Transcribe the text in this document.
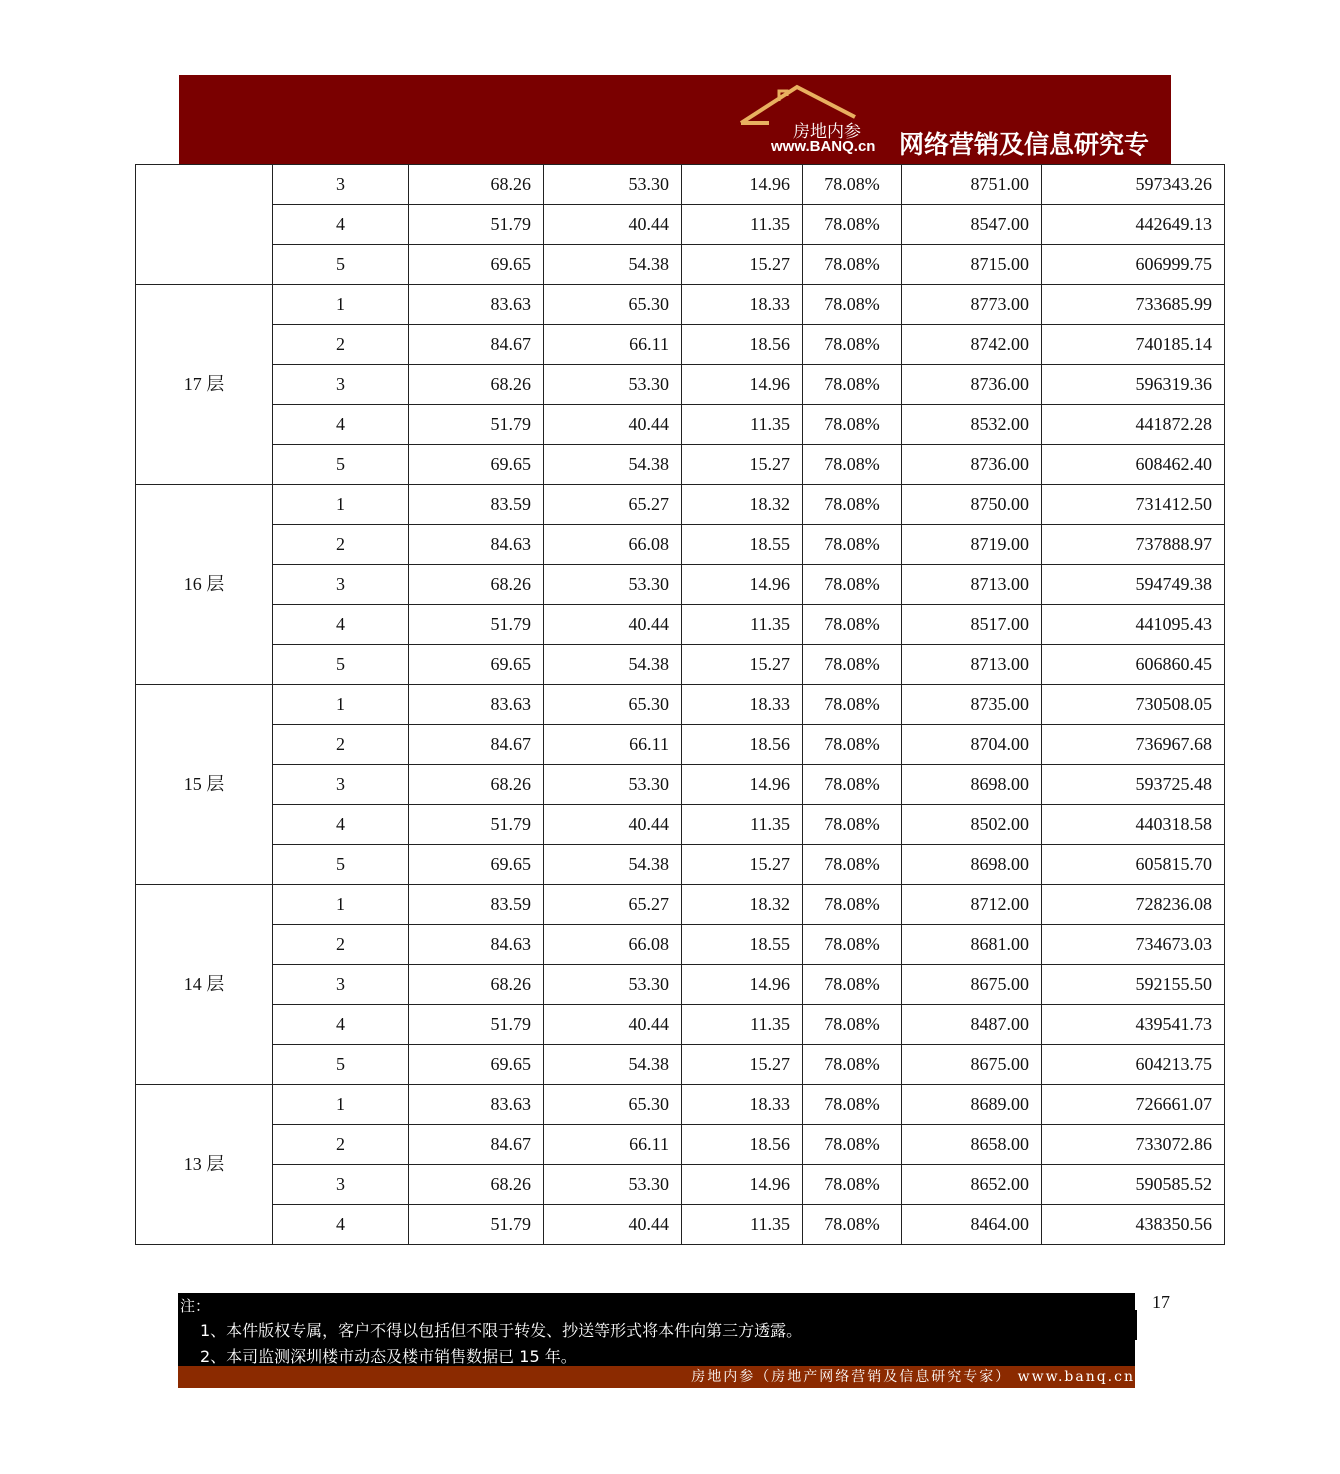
房地内参
www.BANQ.cn 网络营销及信息研究专家
	3	68.26	53.30	14.96	78.08%	8751.00	597343.26
	4	51.79	40.44	11.35	78.08%	8547.00	442649.13
	5	69.65	54.38	15.27	78.08%	8715.00	606999.75
17 层	1	83.63	65.30	18.33	78.08%	8773.00	733685.99
	2	84.67	66.11	18.56	78.08%	8742.00	740185.14
	3	68.26	53.30	14.96	78.08%	8736.00	596319.36
	4	51.79	40.44	11.35	78.08%	8532.00	441872.28
	5	69.65	54.38	15.27	78.08%	8736.00	608462.40
16 层	1	83.59	65.27	18.32	78.08%	8750.00	731412.50
	2	84.63	66.08	18.55	78.08%	8719.00	737888.97
	3	68.26	53.30	14.96	78.08%	8713.00	594749.38
	4	51.79	40.44	11.35	78.08%	8517.00	441095.43
	5	69.65	54.38	15.27	78.08%	8713.00	606860.45
15 层	1	83.63	65.30	18.33	78.08%	8735.00	730508.05
	2	84.67	66.11	18.56	78.08%	8704.00	736967.68
	3	68.26	53.30	14.96	78.08%	8698.00	593725.48
	4	51.79	40.44	11.35	78.08%	8502.00	440318.58
	5	69.65	54.38	15.27	78.08%	8698.00	605815.70
14 层	1	83.59	65.27	18.32	78.08%	8712.00	728236.08
	2	84.63	66.08	18.55	78.08%	8681.00	734673.03
	3	68.26	53.30	14.96	78.08%	8675.00	592155.50
	4	51.79	40.44	11.35	78.08%	8487.00	439541.73
	5	69.65	54.38	15.27	78.08%	8675.00	604213.75
13 层	1	83.63	65.30	18.33	78.08%	8689.00	726661.07
	2	84.67	66.11	18.56	78.08%	8658.00	733072.86
	3	68.26	53.30	14.96	78.08%	8652.00	590585.52
	4	51.79	40.44	11.35	78.08%	8464.00	438350.56
注：
1、本件版权专属，客户不得以包括但不限于转发、抄送等形式将本件向第三方透露。
2、本司监测深圳楼市动态及楼市销售数据已 15 年。
17
房地内参（房地产网络营销及信息研究专家） www.banq.cn
